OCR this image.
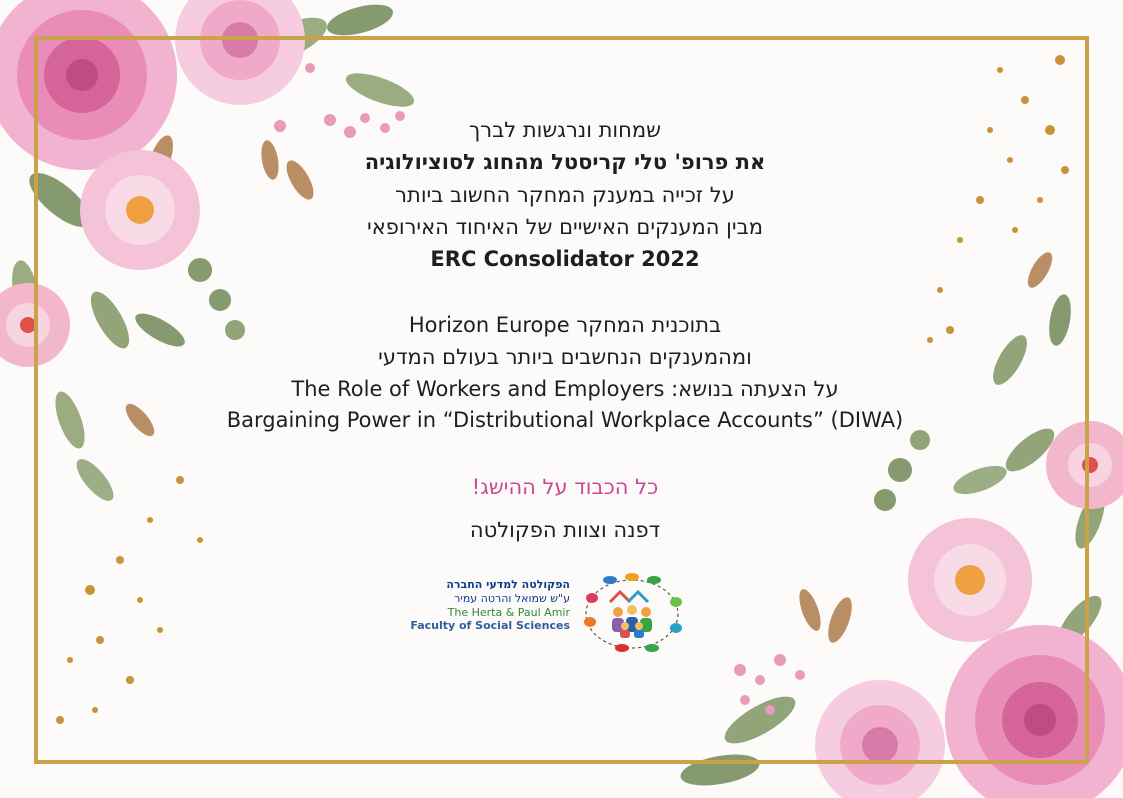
שמחות ונרגשות לברך
את פרופ' טלי קריסטל מהחוג לסוציולוגיה
על זכייה במענק המחקר החשוב ביותר
מבין המענקים האישיים של האיחוד האירופאי
ERC Consolidator 2022
בתוכנית המחקר Horizon Europe
ומהמענקים הנחשבים ביותר בעולם המדעי
על הצעתה בנושא: The Role of Workers and Employers
Bargaining Power in “Distributional Workplace Accounts” (DIWA)
כל הכבוד על ההישג!
דפנה וצוות הפקולטה
הפקולטה למדעי החברה
ע"ש שמואל והרטה עמיר
The Herta & Paul Amir
Faculty of Social Sciences
